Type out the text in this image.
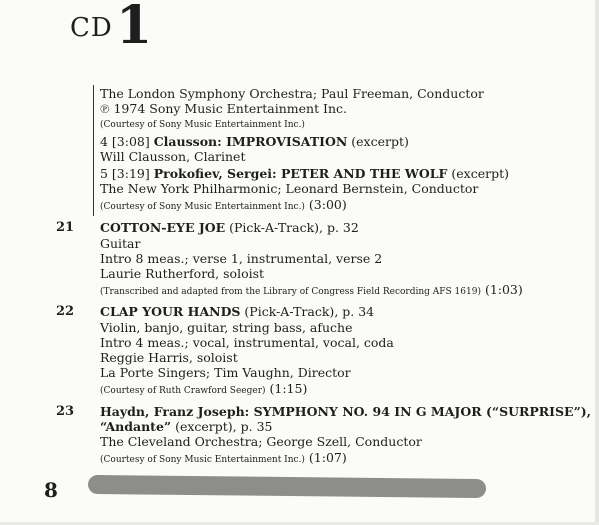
CD 1
The London Symphony Orchestra; Paul Freeman, Conductor
℗ 1974 Sony Music Entertainment Inc.
(Courtesy of Sony Music Entertainment Inc.)
4 [3:08] Clausson: IMPROVISATION (excerpt)
Will Clausson, Clarinet
5 [3:19] Prokofiev, Sergei: PETER AND THE WOLF (excerpt)
The New York Philharmonic; Leonard Bernstein, Conductor
(Courtesy of Sony Music Entertainment Inc.) (3:00)
21 COTTON-EYE JOE (Pick-A-Track), p. 32
Guitar
Intro 8 meas.; verse 1, instrumental, verse 2
Laurie Rutherford, soloist
(Transcribed and adapted from the Library of Congress Field Recording AFS 1619) (1:03)
22 CLAP YOUR HANDS (Pick-A-Track), p. 34
Violin, banjo, guitar, string bass, afuche
Intro 4 meas.; vocal, instrumental, vocal, coda
Reggie Harris, soloist
La Porte Singers; Tim Vaughn, Director
(Courtesy of Ruth Crawford Seeger) (1:15)
23 Haydn, Franz Joseph: SYMPHONY NO. 94 IN G MAJOR (“SURPRISE”),
“Andante” (excerpt), p. 35
The Cleveland Orchestra; George Szell, Conductor
(Courtesy of Sony Music Entertainment Inc.) (1:07)
8
